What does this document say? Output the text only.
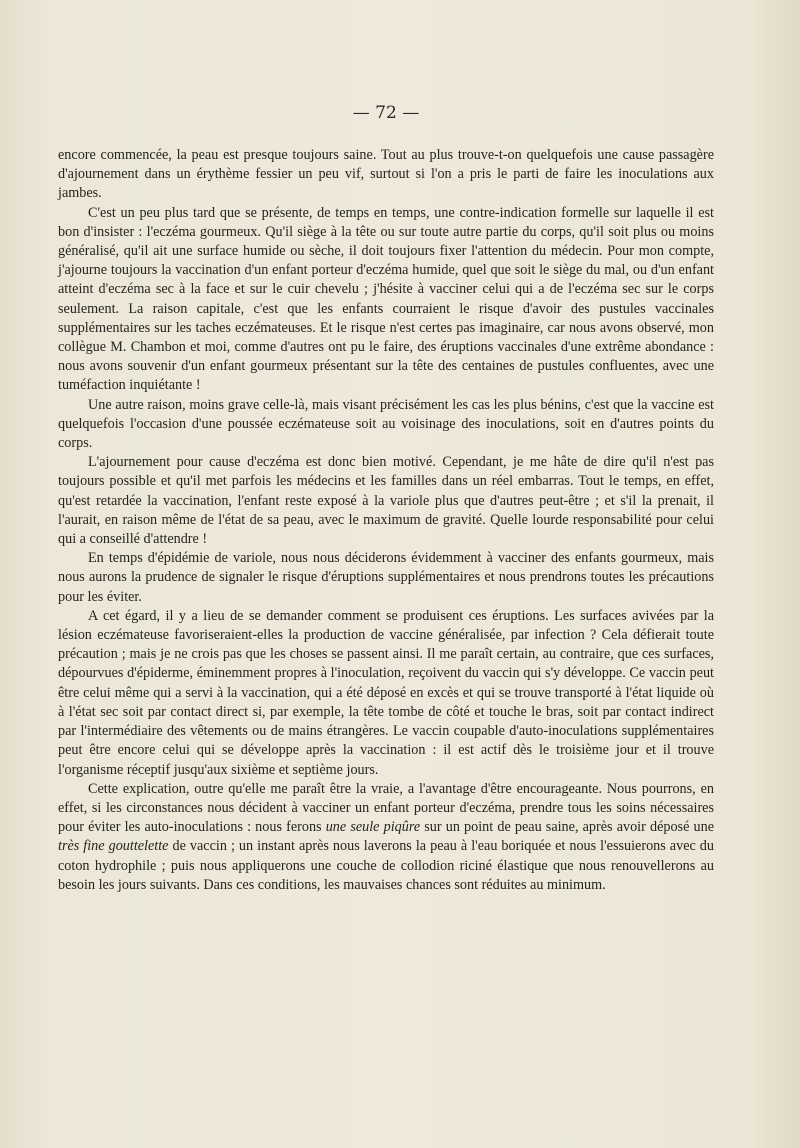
— 72 —

encore commencée, la peau est presque toujours saine. Tout au plus trouve-t-on quelquefois une cause passagère d'ajournement dans un érythème fessier un peu vif, surtout si l'on a pris le parti de faire les inoculations aux jambes.

C'est un peu plus tard que se présente, de temps en temps, une contre-indication formelle sur laquelle il est bon d'insister : l'eczéma gourmeux. Qu'il siège à la tête ou sur toute autre partie du corps, qu'il soit plus ou moins généralisé, qu'il ait une surface humide ou sèche, il doit toujours fixer l'attention du médecin. Pour mon compte, j'ajourne toujours la vaccination d'un enfant porteur d'eczéma humide, quel que soit le siège du mal, ou d'un enfant atteint d'eczéma sec à la face et sur le cuir chevelu ; j'hésite à vacciner celui qui a de l'eczéma sec sur le corps seulement. La raison capitale, c'est que les enfants courraient le risque d'avoir des pustules vaccinales supplémentaires sur les taches eczémateuses. Et le risque n'est certes pas imaginaire, car nous avons observé, mon collègue M. Chambon et moi, comme d'autres ont pu le faire, des éruptions vaccinales d'une extrême abondance : nous avons souvenir d'un enfant gourmeux présentant sur la tête des centaines de pustules confluentes, avec une tuméfaction inquiétante !

Une autre raison, moins grave celle-là, mais visant précisément les cas les plus bénins, c'est que la vaccine est quelquefois l'occasion d'une poussée eczémateuse soit au voisinage des inoculations, soit en d'autres points du corps.

L'ajournement pour cause d'eczéma est donc bien motivé. Cependant, je me hâte de dire qu'il n'est pas toujours possible et qu'il met parfois les médecins et les familles dans un réel embarras. Tout le temps, en effet, qu'est retardée la vaccination, l'enfant reste exposé à la variole plus que d'autres peut-être ; et s'il la prenait, il l'aurait, en raison même de l'état de sa peau, avec le maximum de gravité. Quelle lourde responsabilité pour celui qui a conseillé d'attendre !

En temps d'épidémie de variole, nous nous déciderons évidemment à vacciner des enfants gourmeux, mais nous aurons la prudence de signaler le risque d'éruptions supplémentaires et nous prendrons toutes les précautions pour les éviter.

A cet égard, il y a lieu de se demander comment se produisent ces éruptions. Les surfaces avivées par la lésion eczémateuse favoriseraient-elles la production de vaccine généralisée, par infection ? Cela défierait toute précaution ; mais je ne crois pas que les choses se passent ainsi. Il me paraît certain, au contraire, que ces surfaces, dépourvues d'épiderme, éminemment propres à l'inoculation, reçoivent du vaccin qui s'y développe. Ce vaccin peut être celui même qui a servi à la vaccination, qui a été déposé en excès et qui se trouve transporté à l'état liquide où à l'état sec soit par contact direct si, par exemple, la tête tombe de côté et touche le bras, soit par contact indirect par l'intermédiaire des vêtements ou de mains étrangères. Le vaccin coupable d'auto-inoculations supplémentaires peut être encore celui qui se développe après la vaccination : il est actif dès le troisième jour et il trouve l'organisme réceptif jusqu'aux sixième et septième jours.

Cette explication, outre qu'elle me paraît être la vraie, a l'avantage d'être encourageante. Nous pourrons, en effet, si les circonstances nous décident à vacciner un enfant porteur d'eczéma, prendre tous les soins nécessaires pour éviter les auto-inoculations : nous ferons une seule piqûre sur un point de peau saine, après avoir déposé une très fine gouttelette de vaccin ; un instant après nous laverons la peau à l'eau boriquée et nous l'essuierons avec du coton hydrophile ; puis nous appliquerons une couche de collodion riciné élastique que nous renouvellerons au besoin les jours suivants. Dans ces conditions, les mauvaises chances sont réduites au minimum.
